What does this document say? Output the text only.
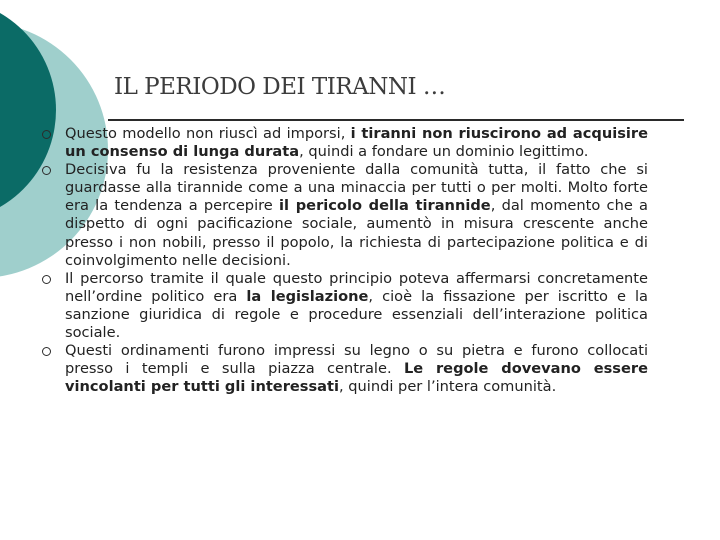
IL PERIODO DEI TIRANNI …

Questo modello non riuscì ad imporsi, i tiranni non riuscirono ad acquisire un consenso di lunga durata, quindi a fondare un dominio legittimo.

Decisiva fu la resistenza proveniente dalla comunità tutta, il fatto che si guardasse alla tirannide come a una minaccia per tutti o per molti. Molto forte era la tendenza a percepire il pericolo della tirannide, dal momento che a dispetto di ogni pacificazione sociale, aumentò in misura crescente anche presso i non nobili, presso il popolo, la richiesta di partecipazione politica e di coinvolgimento nelle decisioni.

Il percorso tramite il quale questo principio poteva affermarsi concretamente nell’ordine politico era la legislazione, cioè la fissazione per iscritto e la sanzione giuridica di regole e procedure essenziali dell’interazione politica sociale.

Questi ordinamenti furono impressi su legno o su pietra e furono collocati presso i templi e sulla piazza centrale. Le regole dovevano essere vincolanti per tutti gli interessati, quindi per l’intera comunità.
